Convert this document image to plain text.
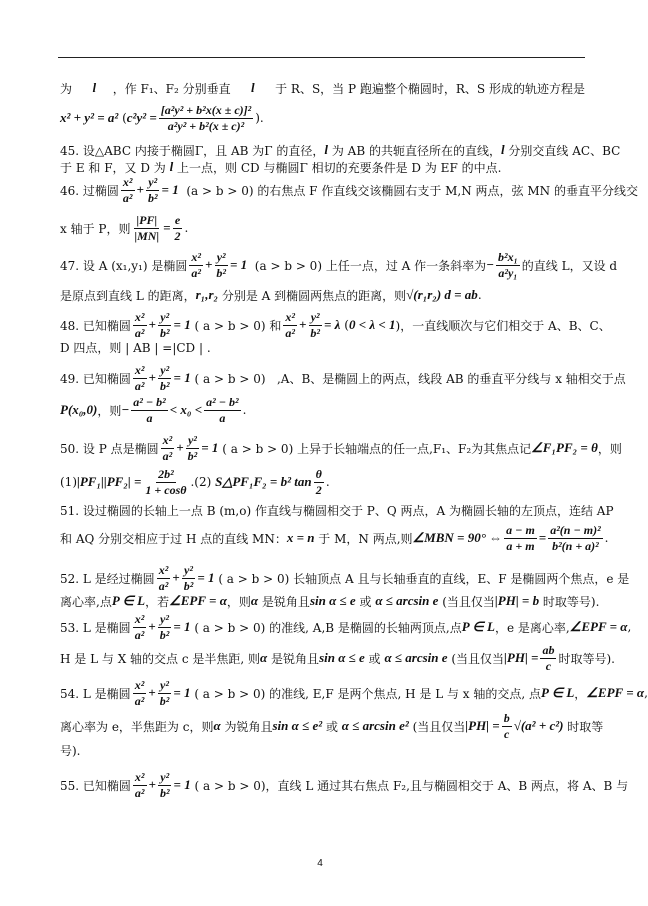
为 l ，作 F₁、F₂ 分别垂直 l 于 R、S，当 P 跑遍整个椭圆时，R、S 形成的轨迹方程是
x² + y² = a² ( $c^2y^2 = \frac{\text{[a²y² + b²x(x ± c)]²}}{\text{a²y² + b²(x ± c)²}}$ ).
45. 设△ABC 内接于椭圆Γ，且 AB 为Γ 的直径， l 为 AB 的共轭直径所在的直线， l 分别交直线 AC、BC
于 E 和 F，又 D 为 l 上一点，则 CD 与椭圆Γ 相切的充要条件是 D 为 EF 的中点.
46. 过椭圆 $\frac{\text{x²}}{\text{a²}} + \frac{\text{y²}}{\text{b²}} = 1$ (a > b > 0) 的右焦点 F 作直线交该椭圆右支于 M,N 两点，弦 MN 的垂直平分线交
x 轴于 P，则 $\frac{|PF|}{|MN|} = \frac{e}{2}$ .
47. 设 A (x₁,y₁) 是椭圆 $\frac{\text{x²}}{\text{a²}} + \frac{\text{y²}}{\text{b²}} = 1$ (a > b > 0) 上任一点，过 A 作一条斜率为 − $\frac{\text{b²x₁}}{\text{a²y₁}}$ 的直线 L，又设 d
是原点到直线 L 的距离， r₁,r₂ 分别是 A 到椭圆两焦点的距离，则 √(r₁r₂) d = ab .
48. 已知椭圆 $\frac{\text{x²}}{\text{a²}} + \frac{\text{y²}}{\text{b²}} = 1$ ( a > b > 0) 和 $\frac{\text{x²}}{\text{a²}} + \frac{\text{y²}}{\text{b²}} = \lambda$ ( 0 < λ < 1 )，一直线顺次与它们相交于 A、B、C、
D 四点，则 | AB | =|CD | .
49. 已知椭圆 $\frac{\text{x²}}{\text{a²}} + \frac{\text{y²}}{\text{b²}} = 1$ ( a > b > 0)   ,A、B、是椭圆上的两点，线段 AB 的垂直平分线与 x 轴相交于点
P(x₀,0) ，则 − $\frac{\text{a² − b²}}{a} < x_0 < \frac{\text{a² − b²}}{a}$ .
50. 设 P 点是椭圆 $\frac{\text{x²}}{\text{a²}} + \frac{\text{y²}}{\text{b²}} = 1$ ( a > b > 0) 上异于长轴端点的任一点,F₁、F₂为其焦点记 ∠F₁PF₂ = θ ，则
(1) $|PF_1||PF_2| = \frac{\text{2b²}}{1 + \cos\theta} .(2)$ S△PF₁F₂ = b² $\tan \frac{\theta}{2}$ .
51. 设过椭圆的长轴上一点 B (m,o) 作直线与椭圆相交于 P、Q 两点，A 为椭圆长轴的左顶点，连结 AP
和 AQ 分别交相应于过 H 点的直线 MN： x = n 于 M，N 两点,则 ∠MBN = 90° ⇔ $\frac{a - m}{a + m} = \frac{\text{a²(n − m)²}}{\text{b²(n + a)²}}$ .
52. L 是经过椭圆 $\frac{\text{x²}}{\text{a²}} + \frac{\text{y²}}{\text{b²}} = 1$ ( a > b > 0) 长轴顶点 A 且与长轴垂直的直线，E、F 是椭圆两个焦点，e 是
离心率,点 P ∈ L ，若 ∠EPF = α ，则 α 是锐角且 sin α ≤ e 或 α ≤ arcsin e (当且仅当 |PH| = b 时取等号).
53. L 是椭圆 $\frac{\text{x²}}{\text{a²}} + \frac{\text{y²}}{\text{b²}} = 1$ ( a > b > 0) 的准线, A,B 是椭圆的长轴两顶点,点 P ∈ L ，e 是离心率, ∠EPF = α ,
H 是 L 与 X 轴的交点 c 是半焦距, 则 α 是锐角且 sin α ≤ e 或 α ≤ arcsin e (当且仅当 $|PH| = \frac{ab}{c}$ 时取等号).
54. L 是椭圆 $\frac{\text{x²}}{\text{a²}} + \frac{\text{y²}}{\text{b²}} = 1$ ( a > b > 0) 的准线, E,F 是两个焦点, H 是 L 与 x 轴的交点, 点 P ∈ L ， ∠EPF = α ,
离心率为 e，半焦距为 c，则 α 为锐角且 sin α ≤ e² 或 α ≤ arcsin e² (当且仅当 $|PH| = \frac{b}{c} √(a^2 + c^2)$ 时取等
号).
55. 已知椭圆 $\frac{\text{x²}}{\text{a²}} + \frac{\text{y²}}{\text{b²}} = 1$ ( a > b > 0)，直线 L 通过其右焦点 F₂,且与椭圆相交于 A、B 两点，将 A、B 与
4
